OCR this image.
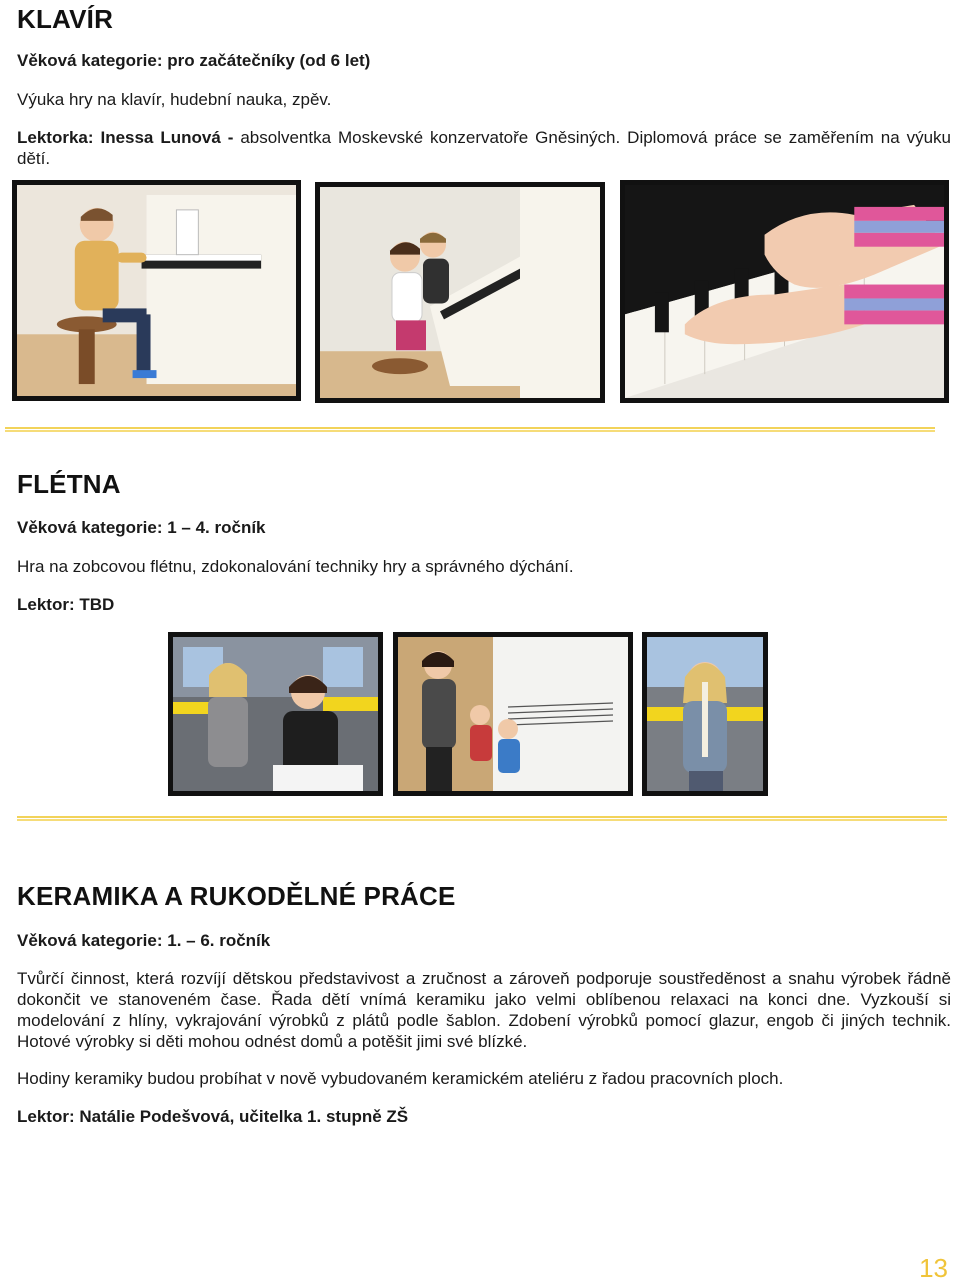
KLAVÍR

Věková kategorie: pro začátečníky (od 6 let)

Výuka hry na klavír, hudební nauka, zpěv.

Lektorka: Inessa Lunová - absolventka Moskevské konzervatoře Gněsiných. Diplomová práce se zaměřením na výuku dětí.

FLÉTNA

Věková kategorie: 1 – 4. ročník

Hra na zobcovou flétnu, zdokonalování techniky hry a správného dýchání.

Lektor: TBD

KERAMIKA A RUKODĚLNÉ PRÁCE

Věková kategorie: 1. – 6. ročník

Tvůrčí činnost, která rozvíjí dětskou představivost a zručnost a zároveň podporuje soustředěnost a snahu výrobek řádně dokončit ve stanoveném čase. Řada dětí vnímá keramiku jako velmi oblíbenou relaxaci na konci dne. Vyzkouší si modelování z hlíny, vykrajování výrobků z plátů podle šablon. Zdobení výrobků pomocí glazur, engob či jiných technik. Hotové výrobky si děti mohou odnést domů a potěšit jimi své blízké.

Hodiny keramiky budou probíhat v nově vybudovaném keramickém ateliéru z řadou pracovních ploch.

Lektor: Natálie Podešvová, učitelka 1. stupně ZŠ

13
